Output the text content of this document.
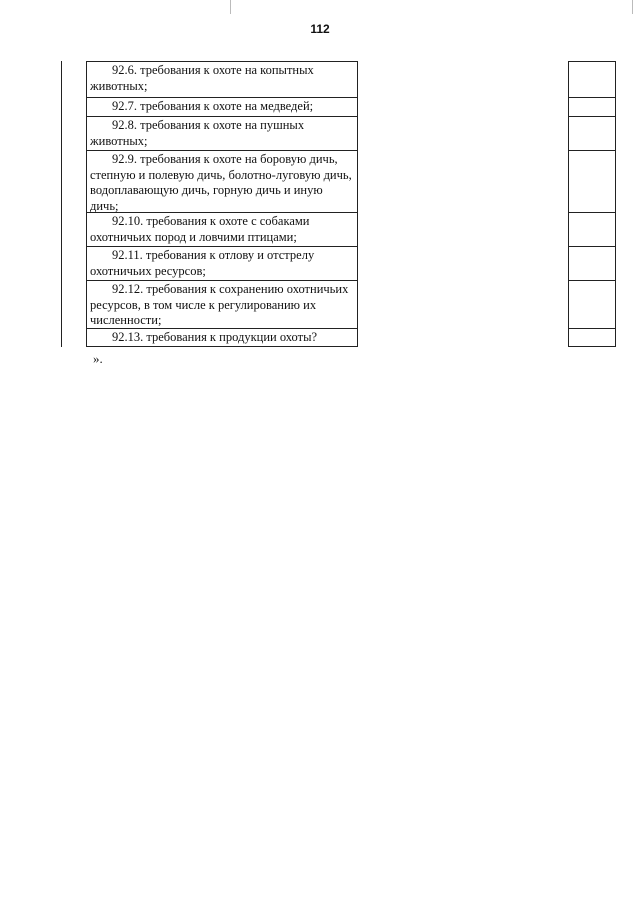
112
92.6. требования к охоте на копытных животных;
92.7. требования к охоте на медведей;
92.8. требования к охоте на пушных животных;
92.9. требования к охоте на боровую дичь, степную и полевую дичь, болотно-луговую дичь, водоплавающую дичь, горную дичь и иную дичь;
92.10. требования к охоте с собаками охотничьих пород и ловчими птицами;
92.11. требования к отлову и отстрелу охотничьих ресурсов;
92.12. требования к сохранению охотничьих ресурсов, в том числе к регулированию их численности;
92.13. требования к продукции охоты?
».
